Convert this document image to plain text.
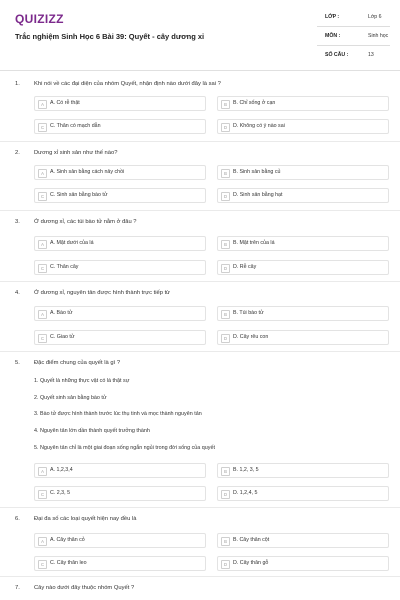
QUIZIZZ
Trắc nghiệm Sinh Học 6 Bài 39: Quyết - cây dương xỉ
LỚP :	Lớp 6
MÔN :	Sinh học
SỐ CÂU :	13
1. Khi nói về các đại diện của nhóm Quyết, nhận định nào dưới đây là sai ?
A	A. Có rễ thật	B	B. Chỉ sống ở cạn
C	C. Thân có mạch dẫn	D	D. Không có ý nào sai
2. Dương xỉ sinh sản như thế nào?
A	A. Sinh sản bằng cách nảy chồi	B	B. Sinh sản bằng củ
C	C. Sinh sản bằng bào tử	D	D. Sinh sản bằng hạt
3. Ở dương xỉ, các túi bào tử nằm ở đâu ?
A	A. Mặt dưới của lá	B	B. Mặt trên của lá
C	C. Thân cây	D	D. Rễ cây
4. Ở dương xỉ, nguyên tản được hình thành trực tiếp từ
A	A. Bào tử	B	B. Túi bào tử
C	C. Giao tử	D	D. Cây rêu con
5. Đặc điểm chung của quyết là gì ?
1. Quyết là những thực vật có lá thật sự
2. Quyết sinh sản bằng bào tử
3. Bào tử được hình thành trước lúc thụ tinh và mọc thành nguyên tản
4. Nguyên tản lớn dần thành quyết trưởng thành
5. Nguyên tản chỉ là một giai đoạn sống ngắn ngủi trong đời sống của quyết
A	A. 1,2,3,4	B	B. 1,2, 3, 5
C	C. 2,3, 5	D	D. 1,2,4, 5
6. Đại đa số các loại quyết hiện nay đều là
A	A. Cây thân cỏ	B	B. Cây thân cột
C	C. Cây thân leo	D	D. Cây thân gỗ
7. Cây nào dưới đây thuộc nhóm Quyết ?
